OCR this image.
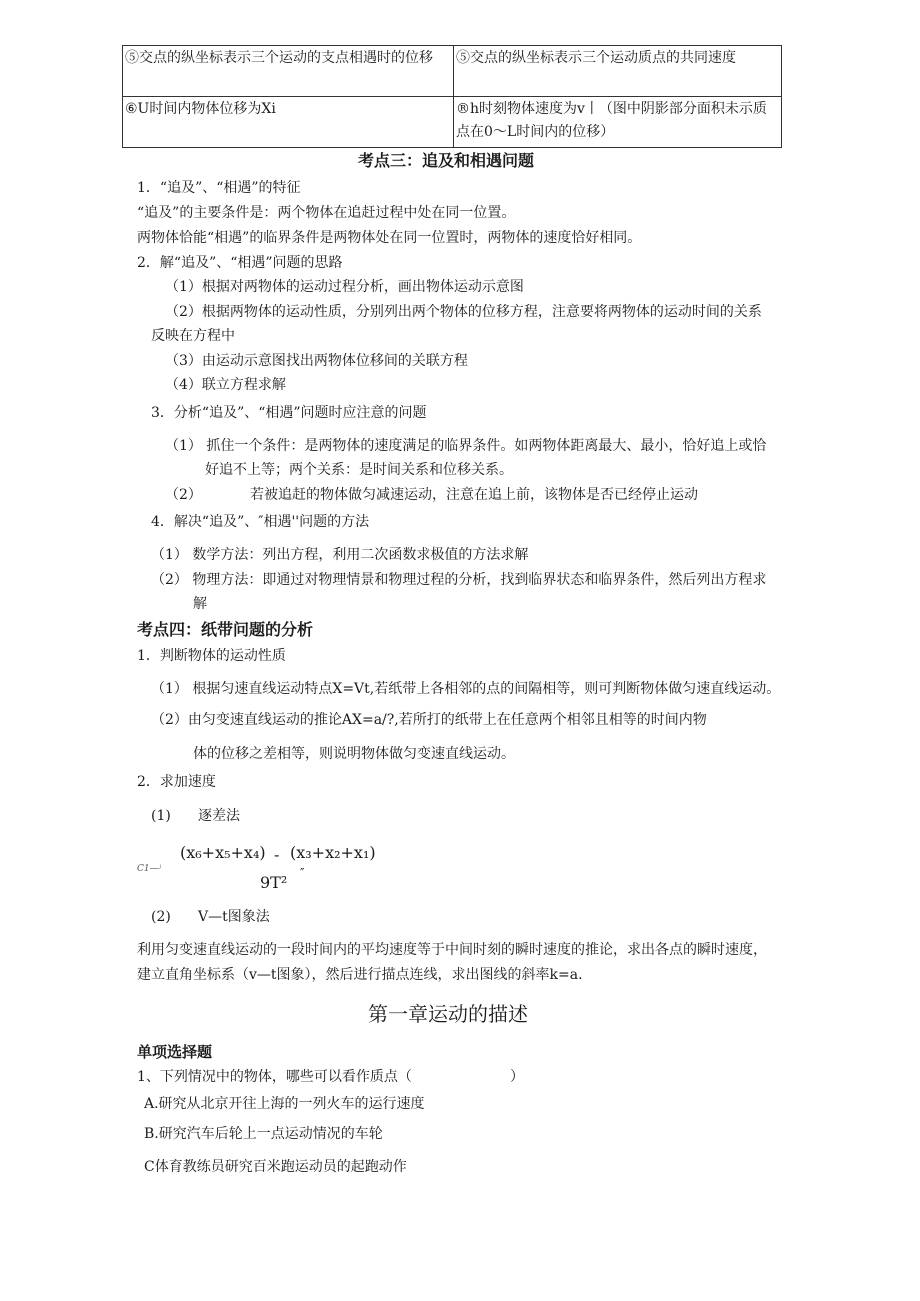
⑤交点的纵坐标表示三个运动的支点相遇时的位移	⑤交点的纵坐标表示三个运动质点的共同速度
⑥U时间内物体位移为Xi	®h时刻物体速度为v丨（图中阴影部分面积未示质点在0〜L时间内的位移）
考点三：追及和相遇问题
1．“追及”、“相遇”的特征
“追及”的主要条件是：两个物体在追赶过程中处在同一位置。
两物体恰能“相遇”的临界条件是两物体处在同一位置时，两物体的速度恰好相同。
2．解“追及”、“相遇”问题的思路
（1）根据对两物体的运动过程分析，画出物体运动示意图
（2）根据两物体的运动性质，分别列出两个物体的位移方程，注意要将两物体的运动时间的关系
反映在方程中
（3）由运动示意图找出两物体位移间的关联方程
（4）联立方程求解
3．分析“追及”、“相遇”问题时应注意的问题
（1） 抓住一个条件：是两物体的速度满足的临界条件。如两物体距离最大、最小，恰好追上或恰
好追不上等；两个关系：是时间关系和位移关系。
（2）	若被追赶的物体做匀减速运动，注意在追上前，该物体是否已经停止运动
4．解决“追及”、″相遇''问题的方法
（1） 数学方法：列出方程，利用二次函数求极值的方法求解
（2） 物理方法：即通过对物理情景和物理过程的分析，找到临界状态和临界条件，然后列出方程求
解
考点四：纸带问题的分析
1．判断物体的运动性质
（1） 根据匀速直线运动特点X=Vt,若纸带上各相邻的点的间隔相等，则可判断物体做匀速直线运动。
（2）由匀变速直线运动的推论AX=a/?,若所打的纸带上在任意两个相邻且相等的时间内物
体的位移之差相等，则说明物体做匀变速直线运动。
2．求加速度
(1) 逐差法
C1—ʲ
(x₆+x₅+x₄) - (x₃+x₂+x₁)
9T² ″
(2) V—t图象法
利用匀变速直线运动的一段时间内的平均速度等于中间时刻的瞬时速度的推论，求出各点的瞬时速度，
建立直角坐标系（v—t图象），然后进行描点连线，求出图线的斜率k=a.
第一章运动的描述
单项选择题
1、下列情况中的物体，哪些可以看作质点（	）
A.研究从北京开往上海的一列火车的运行速度
B.研究汽车后轮上一点运动情况的车轮
C体育教练员研究百米跑运动员的起跑动作
